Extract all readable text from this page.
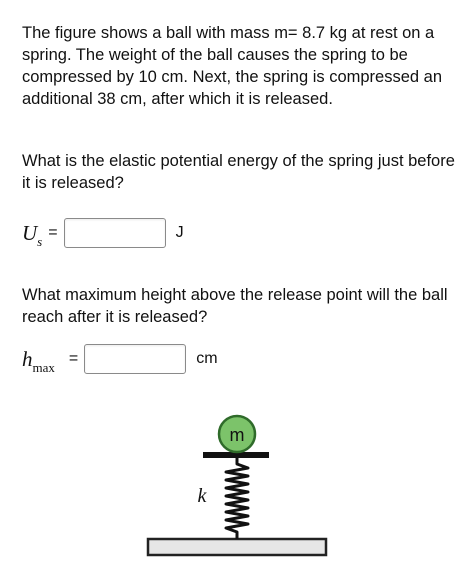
The figure shows a ball with mass m= 8.7 kg at rest on a spring. The weight of the ball causes the spring to be compressed by 10 cm. Next, the spring is compressed an additional 38 cm, after which it is released.

What is the elastic potential energy of the spring just before it is released?

$U_s$ =	J

What maximum height above the release point will the ball reach after it is released?

$h_{max}$ =	cm
m
k
